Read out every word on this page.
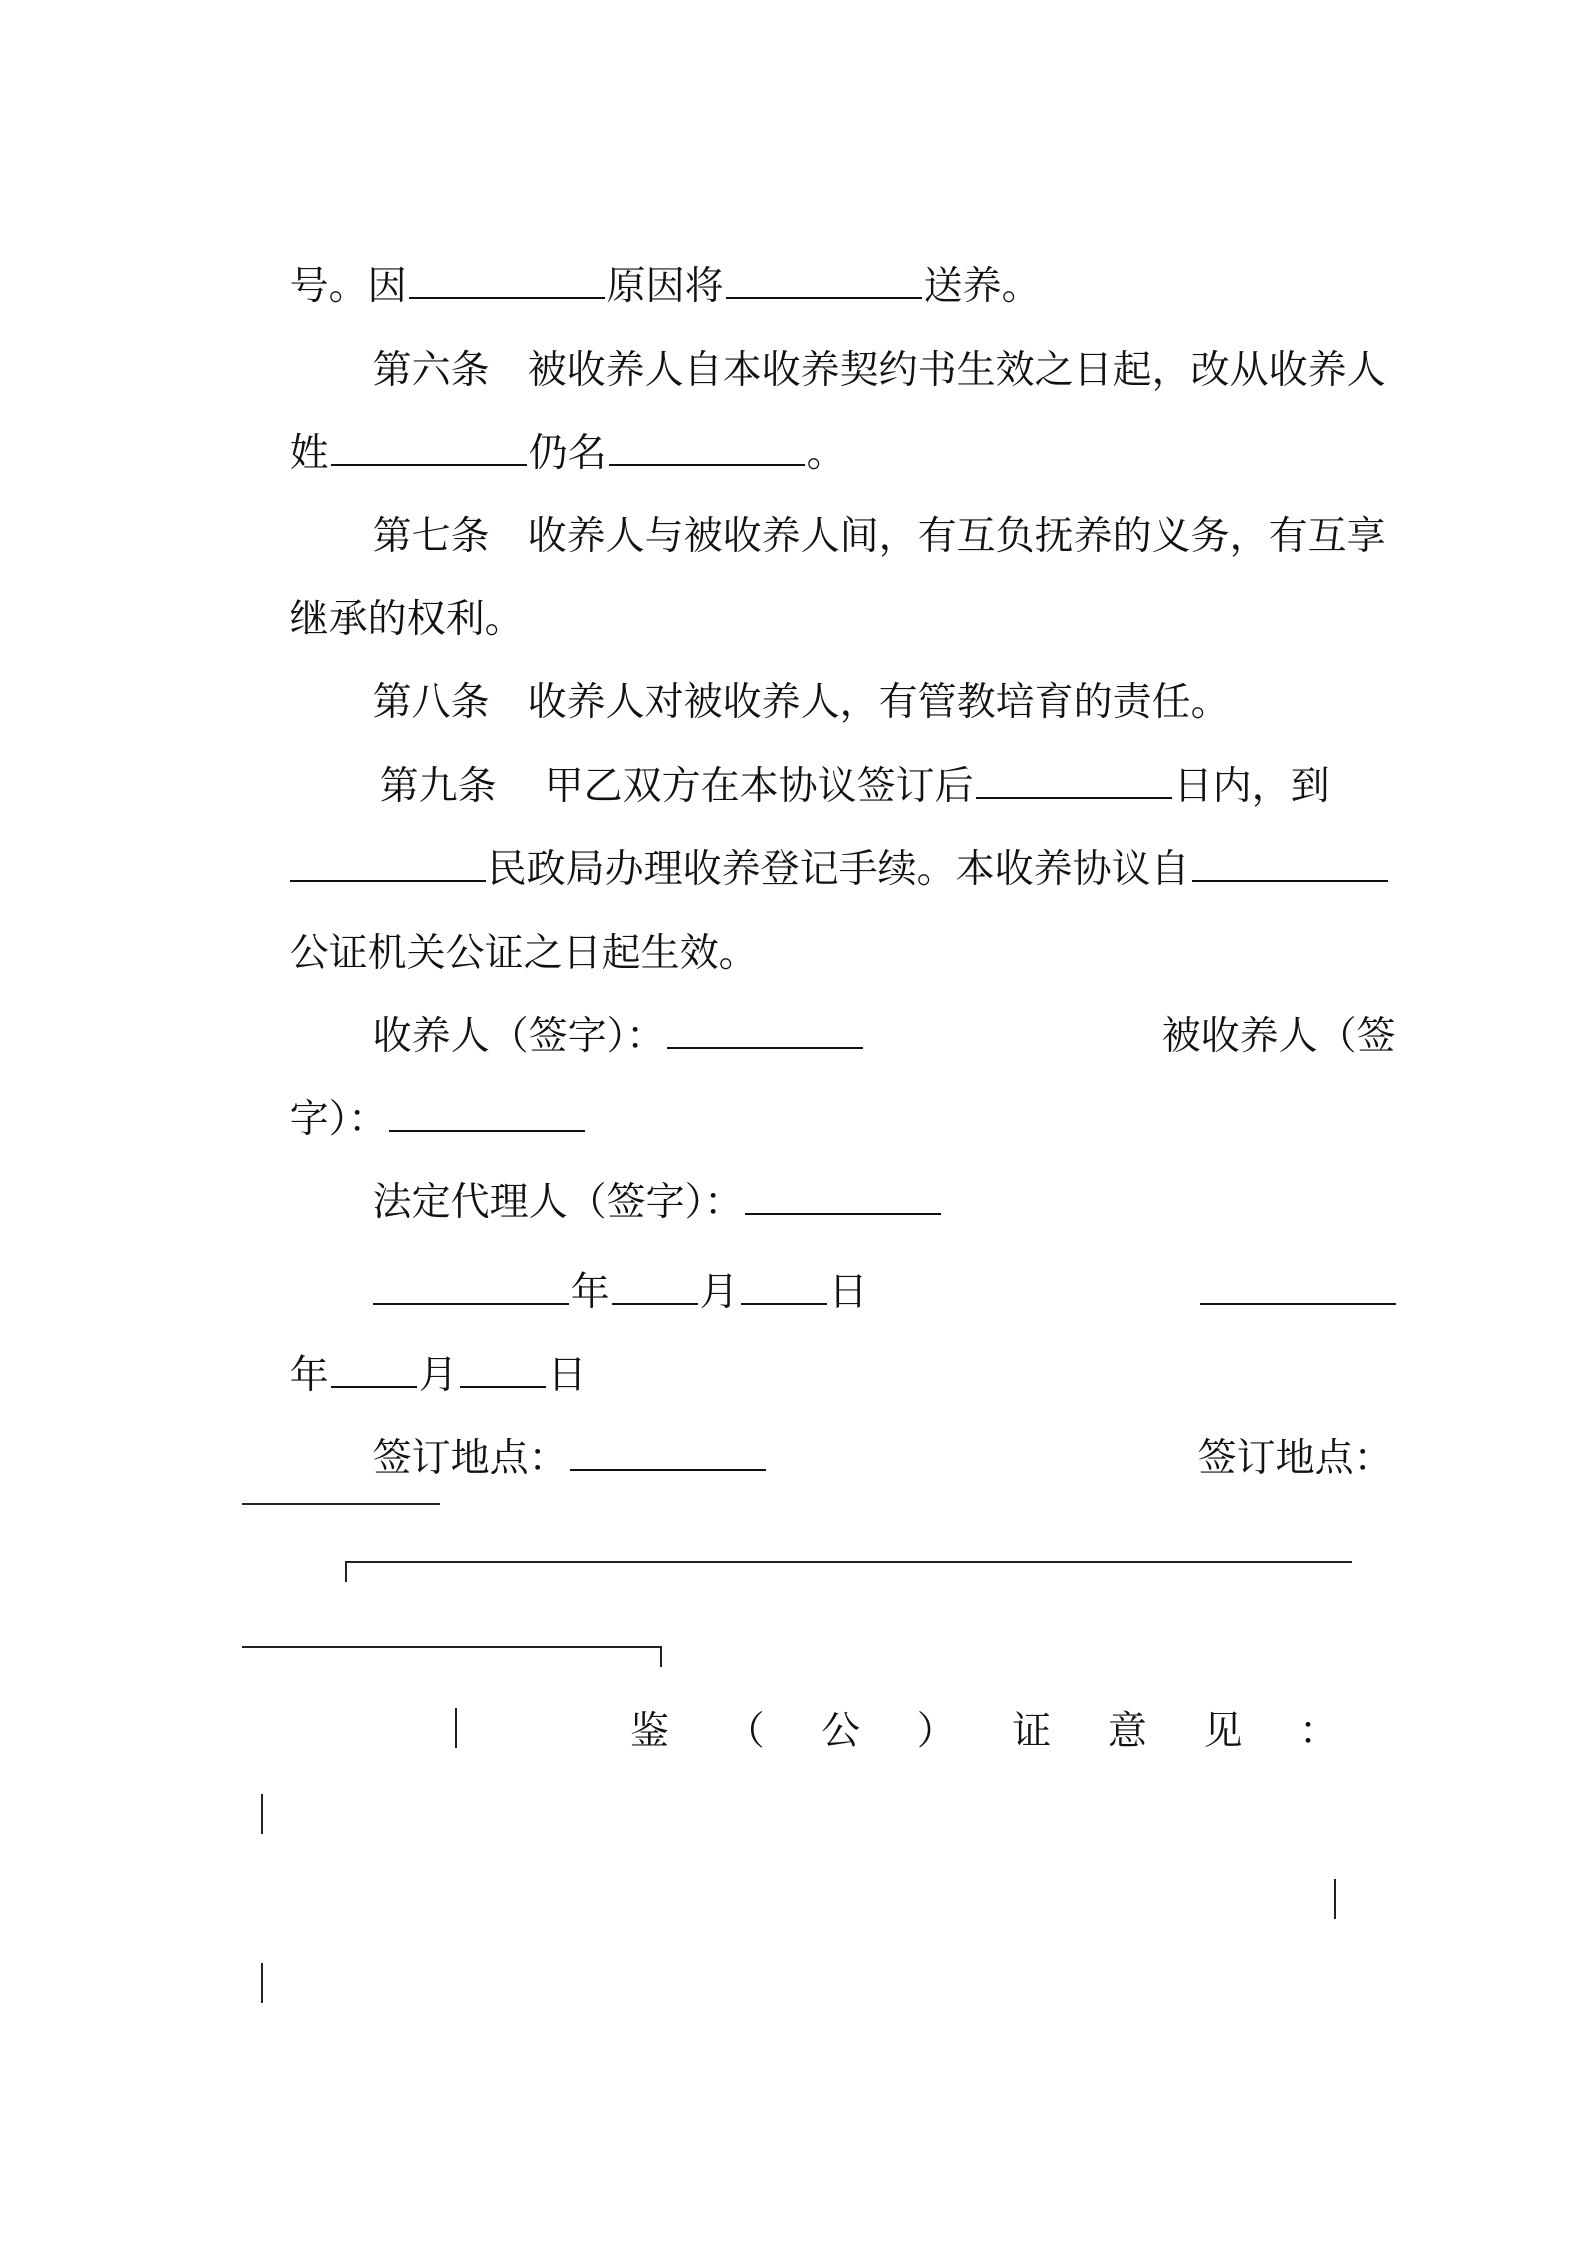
号。因	原因将	送养。

第六条 被收养人自本收养契约书生效之日起，改从收养人

姓	仍名	。

第七条 收养人与被收养人间，有互负抚养的义务，有互享

继承的权利。

第八条 收养人对被收养人，有管教培育的责任。

第九条 甲乙双方在本协议签订后	日内，到

民政局办理收养登记手续。本收养协议自

公证机关公证之日起生效。

收养人（签字）：
	被收养人（签

字）：

法定代理人（签字）：

年 月 日

年 月 日

签订地点：
	签订地点：

鉴 （ 公 ） 证 意 见 ：
